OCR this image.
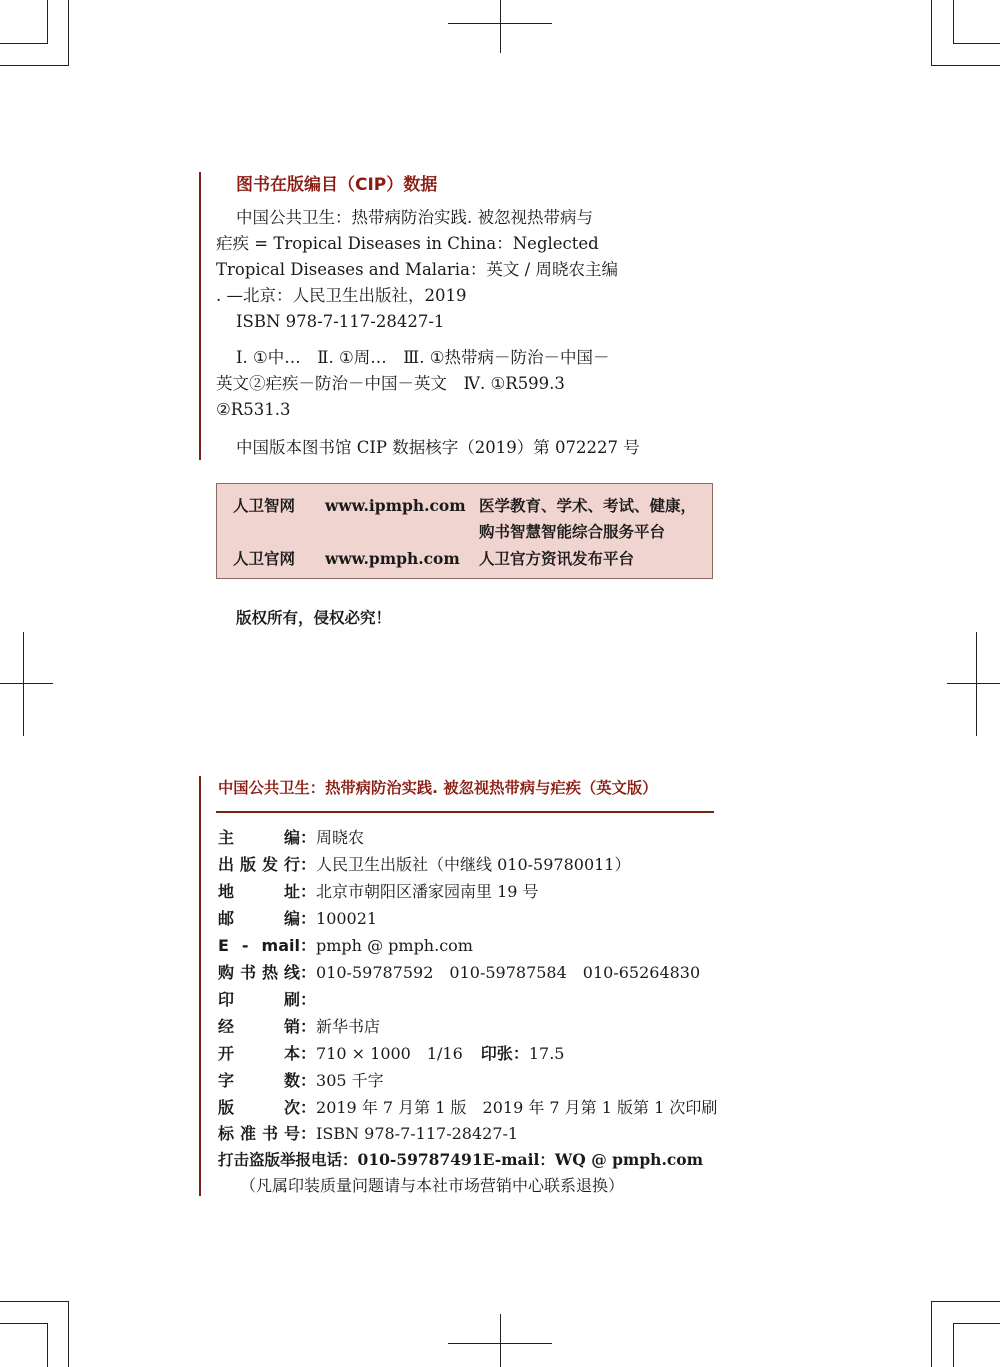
图书在版编目（CIP）数据
中国公共卫生：热带病防治实践. 被忽视热带病与
疟疾 = Tropical Diseases in China：Neglected
Tropical Diseases and Malaria：英文 / 周晓农主编
. —北京：人民卫生出版社，2019
ISBN 978-7-117-28427-1
Ⅰ. ①中…　Ⅱ. ①周…　Ⅲ. ①热带病－防治－中国－
英文②疟疾－防治－中国－英文　Ⅳ. ①R599.3
②R531.3
中国版本图书馆 CIP 数据核字（2019）第 072227 号
人卫智网 www.ipmph.com 医学教育、学术、考试、健康，
购书智慧智能综合服务平台
人卫官网 www.pmph.com 人卫官方资讯发布平台
版权所有，侵权必究！
中国公共卫生：热带病防治实践. 被忽视热带病与疟疾（英文版）
主编：周晓农
出版发行：人民卫生出版社（中继线 010-59780011）
地址：北京市朝阳区潘家园南里 19 号
邮编：100021
E - mail：pmph @ pmph.com
购书热线：010-59787592　010-59787584　010-65264830
印刷：
经销：新华书店
开本：710 × 1000　1/16 印张：17.5
字数：305 千字
版次：2019 年 7 月第 1 版　2019 年 7 月第 1 版第 1 次印刷
标准书号：ISBN 978-7-117-28427-1
打击盗版举报电话：010-59787491E-mail：WQ @ pmph.com
（凡属印装质量问题请与本社市场营销中心联系退换）
